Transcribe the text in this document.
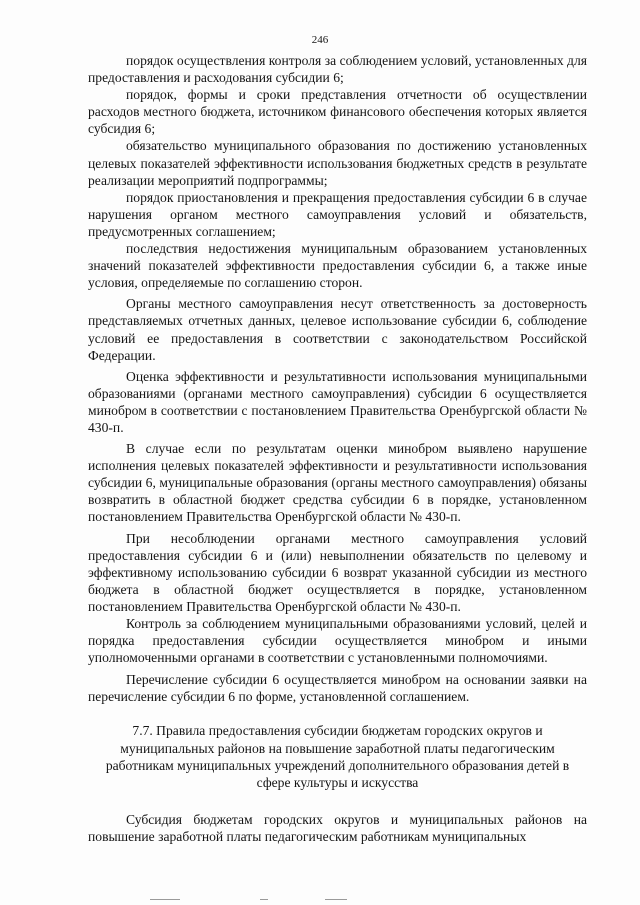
246

порядок осуществления контроля за соблюдением условий, установленных для предоставления и расходования субсидии 6;

порядок, формы и сроки представления отчетности об осуществлении расходов местного бюджета, источником финансового обеспечения которых является субсидия 6;

обязательство муниципального образования по достижению установленных целевых показателей эффективности использования бюджетных средств в результате реализации мероприятий подпрограммы;

порядок приостановления и прекращения предоставления субсидии 6 в случае нарушения органом местного самоуправления условий и обязательств, предусмотренных соглашением;

последствия недостижения муниципальным образованием установленных значений показателей эффективности предоставления субсидии 6, а также иные условия, определяемые по соглашению сторон.

Органы местного самоуправления несут ответственность за достоверность представляемых отчетных данных, целевое использование субсидии 6, соблюдение условий ее предоставления в соответствии с законодательством Российской Федерации.

Оценка эффективности и результативности использования муниципальными образованиями (органами местного самоуправления) субсидии 6 осуществляется минобром в соответствии с постановлением Правительства Оренбургской области № 430-п.

В случае если по результатам оценки минобром выявлено нарушение исполнения целевых показателей эффективности и результативности использования субсидии 6, муниципальные образования (органы местного самоуправления) обязаны возвратить в областной бюджет средства субсидии 6 в порядке, установленном постановлением Правительства Оренбургской области № 430-п.

При несоблюдении органами местного самоуправления условий предоставления субсидии 6 и (или) невыполнении обязательств по целевому и эффективному использованию субсидии 6 возврат указанной субсидии из местного бюджета в областной бюджет осуществляется в порядке, установленном постановлением Правительства Оренбургской области № 430-п.

Контроль за соблюдением муниципальными образованиями условий, целей и порядка предоставления субсидии осуществляется минобром и иными уполномоченными органами в соответствии с установленными полномочиями.

Перечисление субсидии 6 осуществляется минобром на основании заявки на перечисление субсидии 6 по форме, установленной соглашением.

7.7. Правила предоставления субсидии бюджетам городских округов и муниципальных районов на повышение заработной платы педагогическим работникам муниципальных учреждений дополнительного образования детей в сфере культуры и искусства

Субсидия бюджетам городских округов и муниципальных районов на повышение заработной платы педагогическим работникам муниципальных
